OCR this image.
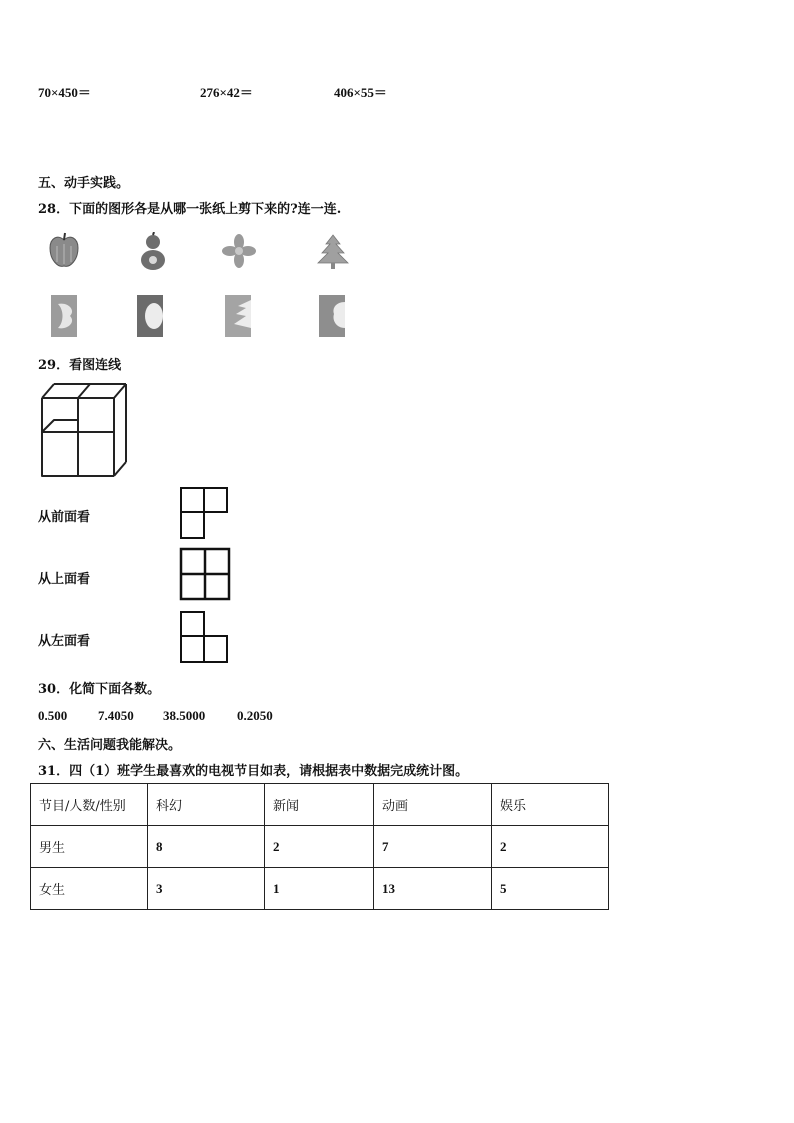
70×450＝	276×42＝	406×55＝
五、动手实践。
28．下面的图形各是从哪一张纸上剪下来的?连一连.
29．看图连线
从前面看
从上面看
从左面看
30．化简下面各数。
0.500 7.4050 38.5000 0.2050
六、生活问题我能解决。
31．四（1）班学生最喜欢的电视节目如表，请根据表中数据完成统计图。
节目/人数/性别	科幻	新闻	动画	娱乐
男生	8	2	7	2
女生	3	1	13	5
